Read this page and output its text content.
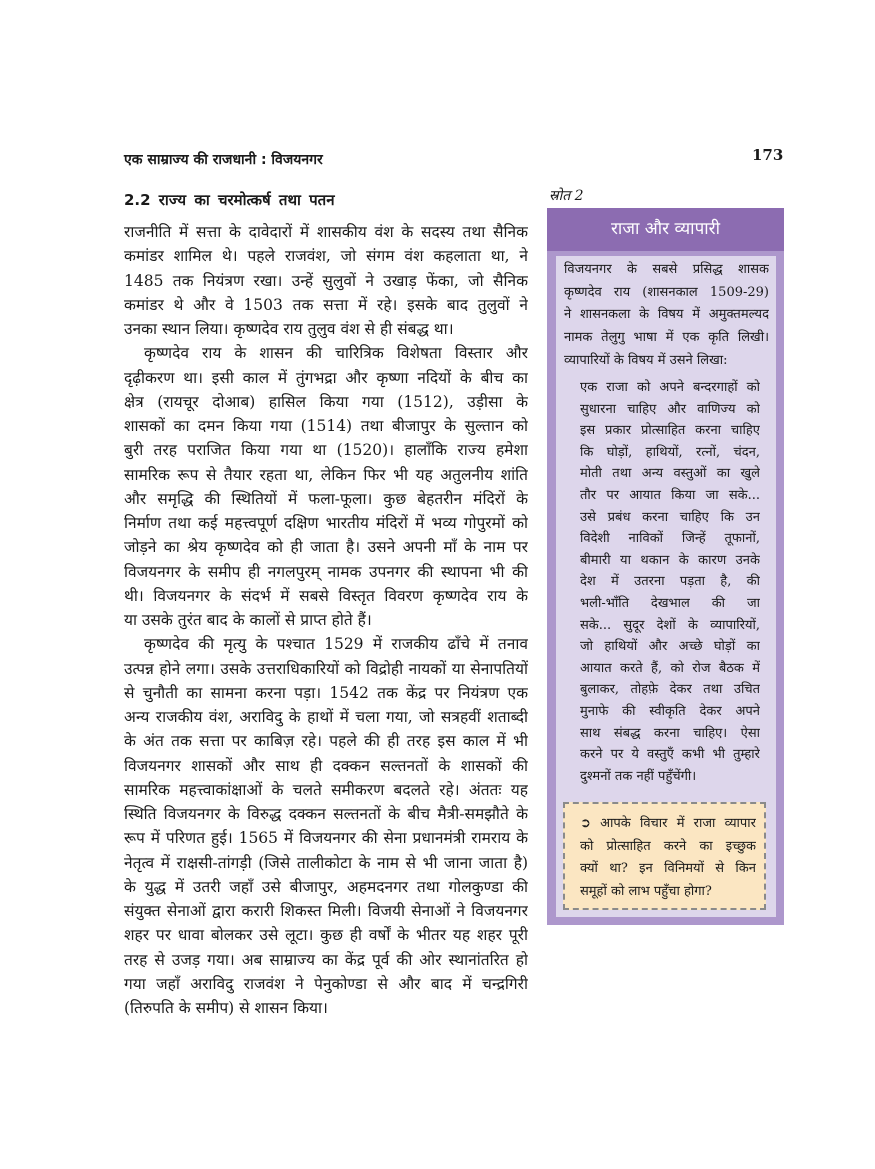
एक साम्राज्य की राजधानी : विजयनगर	173
2.2 राज्य का चरमोत्कर्ष तथा पतन
राजनीति में सत्ता के दावेदारों में शासकीय वंश के सदस्य तथा सैनिक
कमांडर शामिल थे। पहले राजवंश, जो संगम वंश कहलाता था, ने
1485 तक नियंत्रण रखा। उन्हें सुलुवों ने उखाड़ फेंका, जो सैनिक
कमांडर थे और वे 1503 तक सत्ता में रहे। इसके बाद तुलुवों ने
उनका स्थान लिया। कृष्णदेव राय तुलुव वंश से ही संबद्ध था।
कृष्णदेव राय के शासन की चारित्रिक विशेषता विस्तार और
दृढ़ीकरण था। इसी काल में तुंगभद्रा और कृष्णा नदियों के बीच का
क्षेत्र (रायचूर दोआब) हासिल किया गया (1512), उड़ीसा के
शासकों का दमन किया गया (1514) तथा बीजापुर के सुल्तान को
बुरी तरह पराजित किया गया था (1520)। हालाँकि राज्य हमेशा
सामरिक रूप से तैयार रहता था, लेकिन फिर भी यह अतुलनीय शांति
और समृद्धि की स्थितियों में फला-फूला। कुछ बेहतरीन मंदिरों के
निर्माण तथा कई महत्त्वपूर्ण दक्षिण भारतीय मंदिरों में भव्य गोपुरमों को
जोड़ने का श्रेय कृष्णदेव को ही जाता है। उसने अपनी माँ के नाम पर
विजयनगर के समीप ही नगलपुरम् नामक उपनगर की स्थापना भी की
थी। विजयनगर के संदर्भ में सबसे विस्तृत विवरण कृष्णदेव राय के
या उसके तुरंत बाद के कालों से प्राप्त होते हैं।
कृष्णदेव की मृत्यु के पश्चात 1529 में राजकीय ढाँचे में तनाव
उत्पन्न होने लगा। उसके उत्तराधिकारियों को विद्रोही नायकों या सेनापतियों
से चुनौती का सामना करना पड़ा। 1542 तक केंद्र पर नियंत्रण एक
अन्य राजकीय वंश, अराविदु के हाथों में चला गया, जो सत्रहवीं शताब्दी
के अंत तक सत्ता पर काबिज़ रहे। पहले की ही तरह इस काल में भी
विजयनगर शासकों और साथ ही दक्कन सल्तनतों के शासकों की
सामरिक महत्त्वाकांक्षाओं के चलते समीकरण बदलते रहे। अंततः यह
स्थिति विजयनगर के विरुद्ध दक्कन सल्तनतों के बीच मैत्री-समझौते के
रूप में परिणत हुई। 1565 में विजयनगर की सेना प्रधानमंत्री रामराय के
नेतृत्व में राक्षसी-तांगड़ी (जिसे तालीकोटा के नाम से भी जाना जाता है)
के युद्ध में उतरी जहाँ उसे बीजापुर, अहमदनगर तथा गोलकुण्डा की
संयुक्त सेनाओं द्वारा करारी शिकस्त मिली। विजयी सेनाओं ने विजयनगर
शहर पर धावा बोलकर उसे लूटा। कुछ ही वर्षों के भीतर यह शहर पूरी
तरह से उजड़ गया। अब साम्राज्य का केंद्र पूर्व की ओर स्थानांतरित हो
गया जहाँ अराविदु राजवंश ने पेनुकोण्डा से और बाद में चन्द्रगिरी
(तिरुपति के समीप) से शासन किया।
स्रोत 2
राजा और व्यापारी
विजयनगर के सबसे प्रसिद्ध शासक
कृष्णदेव राय (शासनकाल 1509-29)
ने शासनकला के विषय में अमुक्तमल्यद
नामक तेलुगु भाषा में एक कृति लिखी।
व्यापारियों के विषय में उसने लिखा:
एक राजा को अपने बन्दरगाहों को
सुधारना चाहिए और वाणिज्य को
इस प्रकार प्रोत्साहित करना चाहिए
कि घोड़ों, हाथियों, रत्नों, चंदन,
मोती तथा अन्य वस्तुओं का खुले
तौर पर आयात किया जा सके...
उसे प्रबंध करना चाहिए कि उन
विदेशी नाविकों जिन्हें तूफानों,
बीमारी या थकान के कारण उनके
देश में उतरना पड़ता है, की
भली-भाँति देखभाल की जा
सके... सुदूर देशों के व्यापारियों,
जो हाथियों और अच्छे घोड़ों का
आयात करते हैं, को रोज बैठक में
बुलाकर, तोहफ़े देकर तथा उचित
मुनाफे की स्वीकृति देकर अपने
साथ संबद्ध करना चाहिए। ऐसा
करने पर ये वस्तुएँ कभी भी तुम्हारे
दुश्मनों तक नहीं पहुँचेंगी।
➲ आपके विचार में राजा व्यापार
को प्रोत्साहित करने का इच्छुक
क्यों था? इन विनिमयों से किन
समूहों को लाभ पहुँचा होगा?
